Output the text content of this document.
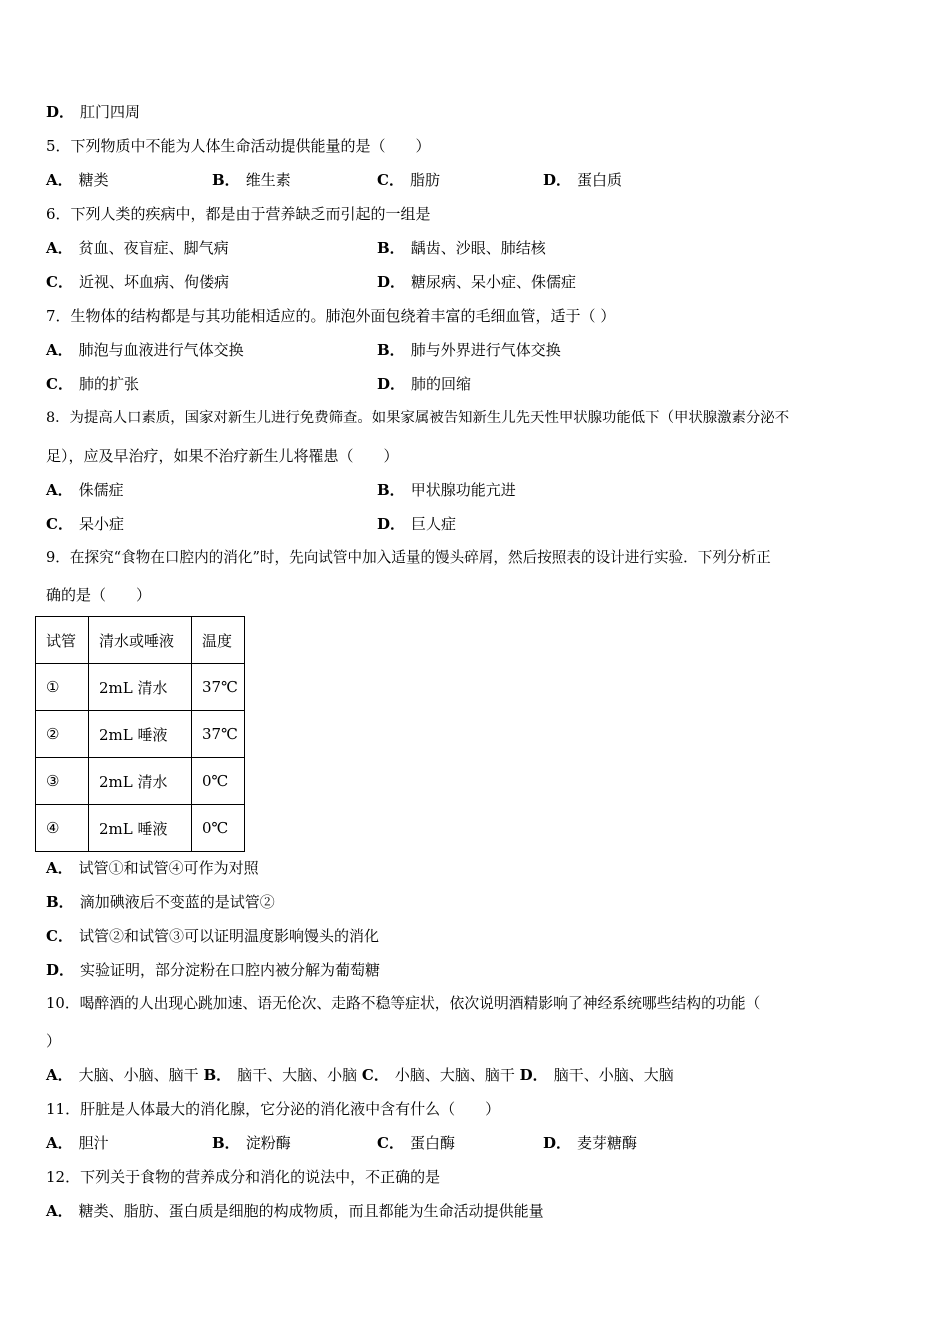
D． 肛门四周
5．下列物质中不能为人体生命活动提供能量的是（　　）
A． 糖类	B． 维生素	C． 脂肪	D． 蛋白质
6．下列人类的疾病中，都是由于营养缺乏而引起的一组是
A． 贫血、夜盲症、脚气病	B． 龋齿、沙眼、肺结核
C． 近视、坏血病、佝偻病	D． 糖尿病、呆小症、侏儒症
7．生物体的结构都是与其功能相适应的。肺泡外面包绕着丰富的毛细血管，适于（ ）
A． 肺泡与血液进行气体交换	B． 肺与外界进行气体交换
C． 肺的扩张	D． 肺的回缩
8．为提高人口素质，国家对新生儿进行免费筛查。如果家属被告知新生儿先天性甲状腺功能低下（甲状腺激素分泌不
足），应及早治疗，如果不治疗新生儿将罹患（　　）
A． 侏儒症	B． 甲状腺功能亢进
C． 呆小症	D． 巨人症
9．在探究“食物在口腔内的消化”时，先向试管中加入适量的馒头碎屑，然后按照表的设计进行实验．下列分析正
确的是（　　）
试管	清水或唾液	温度
①	2mL 清水	37℃
②	2mL 唾液	37℃
③	2mL 清水	0℃
④	2mL 唾液	0℃
A． 试管①和试管④可作为对照
B． 滴加碘液后不变蓝的是试管②
C． 试管②和试管③可以证明温度影响馒头的消化
D． 实验证明，部分淀粉在口腔内被分解为葡萄糖
10．喝醉酒的人出现心跳加速、语无伦次、走路不稳等症状，依次说明酒精影响了神经系统哪些结构的功能（
）
A． 大脑、小脑、脑干 B． 脑干、大脑、小脑 C． 小脑、大脑、脑干 D． 脑干、小脑、大脑
11．肝脏是人体最大的消化腺，它分泌的消化液中含有什么（　　）
A． 胆汁	B． 淀粉酶	C． 蛋白酶	D． 麦芽糖酶
12．下列关于食物的营养成分和消化的说法中，不正确的是
A． 糖类、脂肪、蛋白质是细胞的构成物质，而且都能为生命活动提供能量
